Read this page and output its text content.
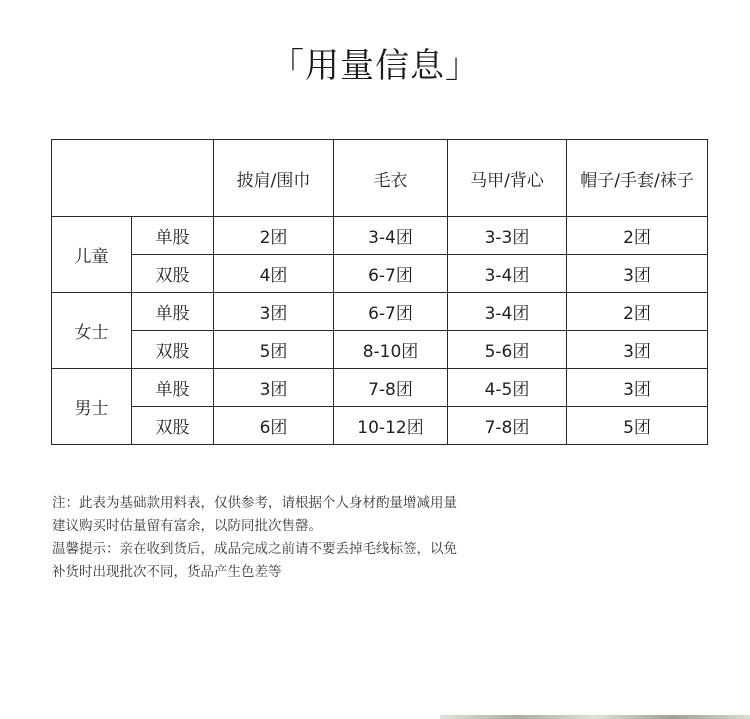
「用量信息」
		披肩/围巾	毛衣	马甲/背心	帽子/手套/袜子
儿童	单股	2团	3-4团	3-3团	2团
	双股	4团	6-7团	3-4团	3团
女士	单股	3团	6-7团	3-4团	2团
	双股	5团	8-10团	5-6团	3团
男士	单股	3团	7-8团	4-5团	3团
	双股	6团	10-12团	7-8团	5团

注：此表为基础款用料表，仅供参考，请根据个人身材酌量增减用量

建议购买时估量留有富余，以防同批次售罄。

温馨提示：亲在收到货后，成品完成之前请不要丢掉毛线标签，以免

补货时出现批次不同，货品产生色差等
